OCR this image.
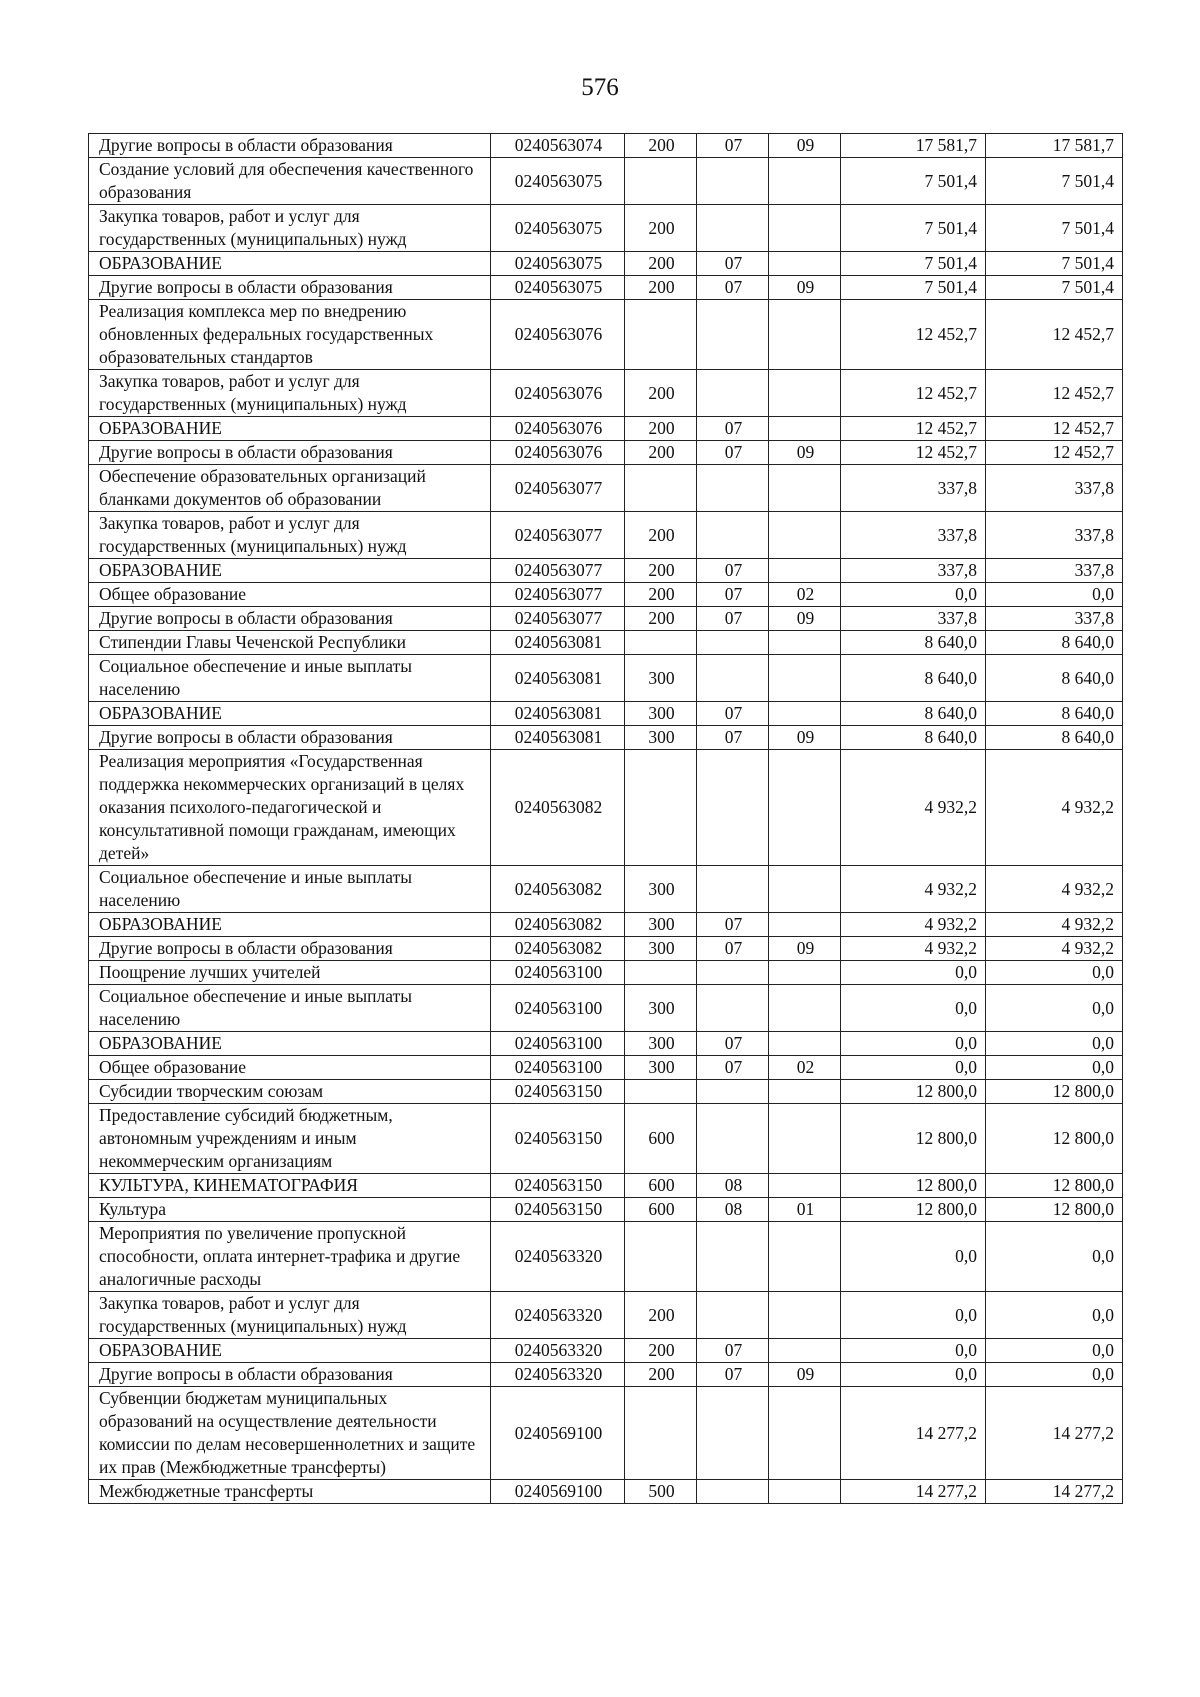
576
Другие вопросы в области образования	0240563074	200	07	09	17 581,7	17 581,7
Создание условий для обеспечения качественного образования	0240563075				7 501,4	7 501,4
Закупка товаров, работ и услуг для государственных (муниципальных) нужд	0240563075	200			7 501,4	7 501,4
ОБРАЗОВАНИЕ	0240563075	200	07		7 501,4	7 501,4
Другие вопросы в области образования	0240563075	200	07	09	7 501,4	7 501,4
Реализация комплекса мер по внедрению обновленных федеральных государственных образовательных стандартов	0240563076				12 452,7	12 452,7
Закупка товаров, работ и услуг для государственных (муниципальных) нужд	0240563076	200			12 452,7	12 452,7
ОБРАЗОВАНИЕ	0240563076	200	07		12 452,7	12 452,7
Другие вопросы в области образования	0240563076	200	07	09	12 452,7	12 452,7
Обеспечение образовательных организаций бланками документов об образовании	0240563077				337,8	337,8
Закупка товаров, работ и услуг для государственных (муниципальных) нужд	0240563077	200			337,8	337,8
ОБРАЗОВАНИЕ	0240563077	200	07		337,8	337,8
Общее образование	0240563077	200	07	02	0,0	0,0
Другие вопросы в области образования	0240563077	200	07	09	337,8	337,8
Стипендии Главы Чеченской Республики	0240563081				8 640,0	8 640,0
Социальное обеспечение и иные выплаты населению	0240563081	300			8 640,0	8 640,0
ОБРАЗОВАНИЕ	0240563081	300	07		8 640,0	8 640,0
Другие вопросы в области образования	0240563081	300	07	09	8 640,0	8 640,0
Реализация мероприятия «Государственная поддержка некоммерческих организаций в целях оказания психолого-педагогической и консультативной помощи гражданам, имеющих детей»	0240563082				4 932,2	4 932,2
Социальное обеспечение и иные выплаты населению	0240563082	300			4 932,2	4 932,2
ОБРАЗОВАНИЕ	0240563082	300	07		4 932,2	4 932,2
Другие вопросы в области образования	0240563082	300	07	09	4 932,2	4 932,2
Поощрение лучших учителей	0240563100				0,0	0,0
Социальное обеспечение и иные выплаты населению	0240563100	300			0,0	0,0
ОБРАЗОВАНИЕ	0240563100	300	07		0,0	0,0
Общее образование	0240563100	300	07	02	0,0	0,0
Субсидии творческим союзам	0240563150				12 800,0	12 800,0
Предоставление субсидий бюджетным, автономным учреждениям и иным некоммерческим организациям	0240563150	600			12 800,0	12 800,0
КУЛЬТУРА, КИНЕМАТОГРАФИЯ	0240563150	600	08		12 800,0	12 800,0
Культура	0240563150	600	08	01	12 800,0	12 800,0
Мероприятия по увеличение пропускной способности, оплата интернет-трафика и другие аналогичные расходы	0240563320				0,0	0,0
Закупка товаров, работ и услуг для государственных (муниципальных) нужд	0240563320	200			0,0	0,0
ОБРАЗОВАНИЕ	0240563320	200	07		0,0	0,0
Другие вопросы в области образования	0240563320	200	07	09	0,0	0,0
Субвенции бюджетам муниципальных образований на осуществление деятельности комиссии по делам несовершеннолетних и защите их прав (Межбюджетные трансферты)	0240569100				14 277,2	14 277,2
Межбюджетные трансферты	0240569100	500			14 277,2	14 277,2
